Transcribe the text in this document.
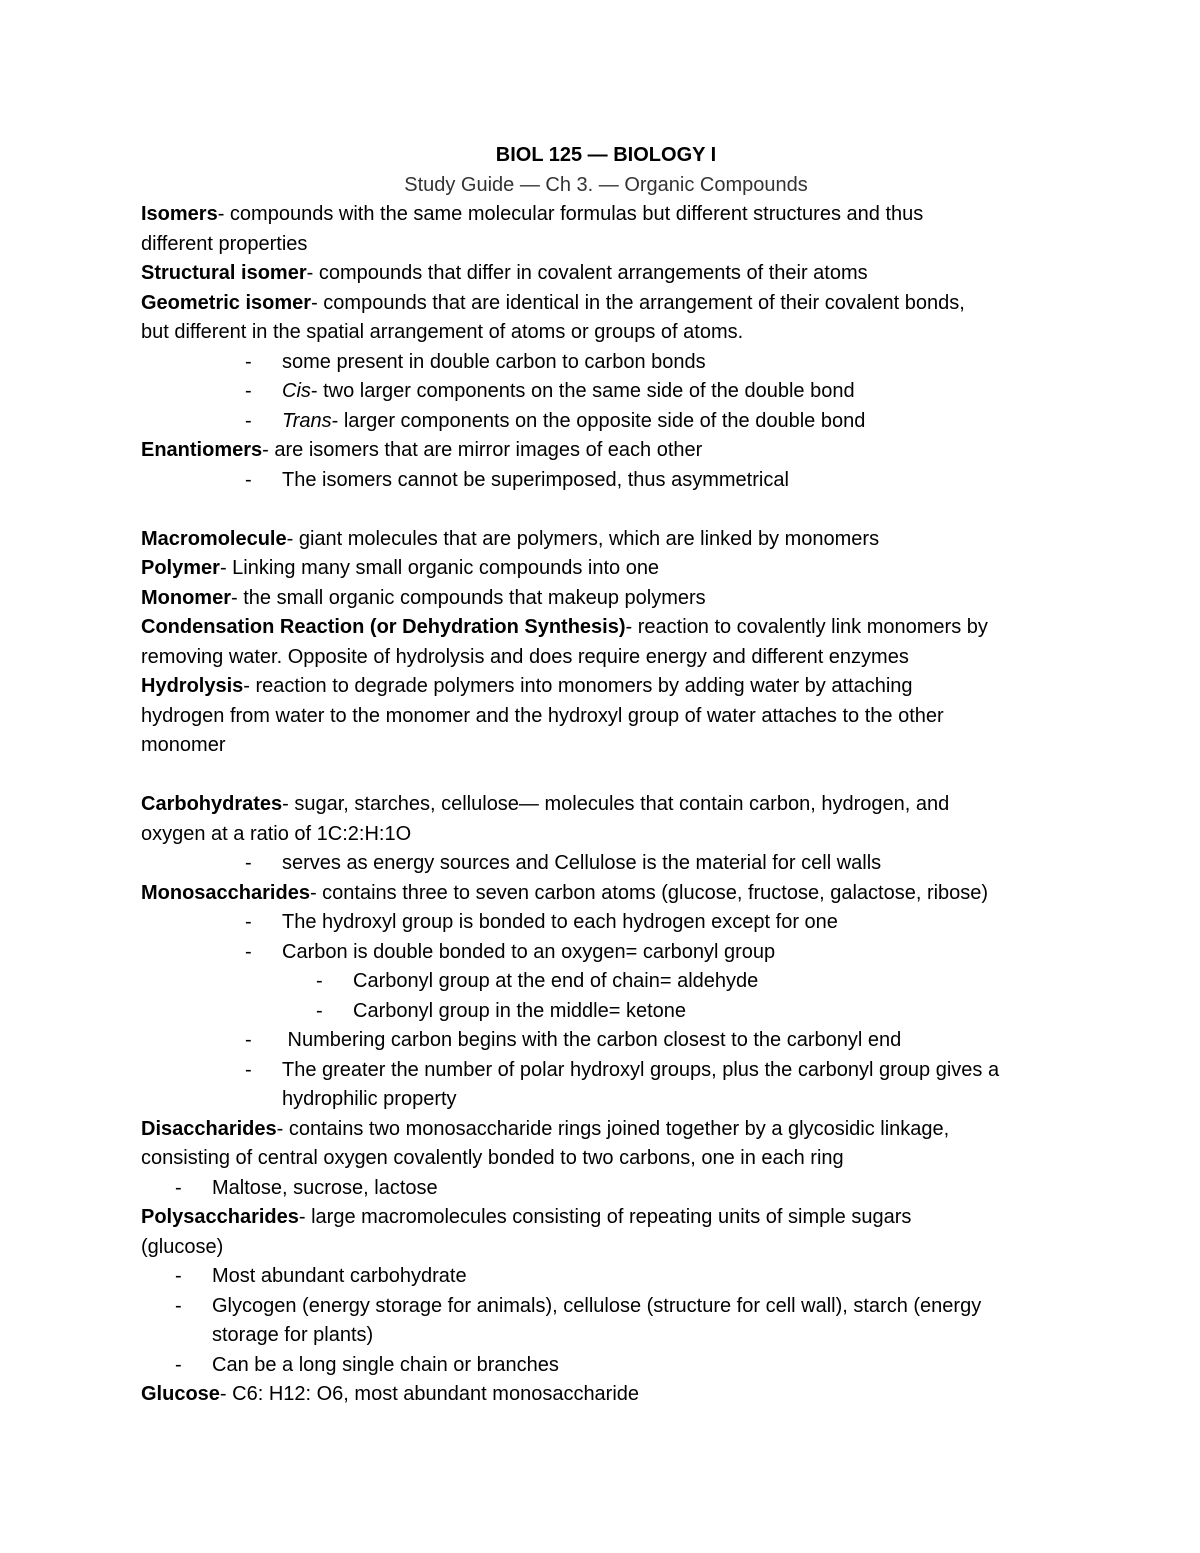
BIOL 125 — BIOLOGY I
Study Guide — Ch 3. — Organic Compounds
Isomers- compounds with the same molecular formulas but different structures and thus
different properties
Structural isomer- compounds that differ in covalent arrangements of their atoms
Geometric isomer- compounds that are identical in the arrangement of their covalent bonds,
but different in the spatial arrangement of atoms or groups of atoms.
- some present in double carbon to carbon bonds
- Cis- two larger components on the same side of the double bond
- Trans- larger components on the opposite side of the double bond
Enantiomers- are isomers that are mirror images of each other
- The isomers cannot be superimposed, thus asymmetrical
Macromolecule- giant molecules that are polymers, which are linked by monomers
Polymer- Linking many small organic compounds into one
Monomer- the small organic compounds that makeup polymers
Condensation Reaction (or Dehydration Synthesis)- reaction to covalently link monomers by
removing water. Opposite of hydrolysis and does require energy and different enzymes
Hydrolysis- reaction to degrade polymers into monomers by adding water by attaching
hydrogen from water to the monomer and the hydroxyl group of water attaches to the other
monomer
Carbohydrates- sugar, starches, cellulose— molecules that contain carbon, hydrogen, and
oxygen at a ratio of 1C:2:H:1O
- serves as energy sources and Cellulose is the material for cell walls
Monosaccharides- contains three to seven carbon atoms (glucose, fructose, galactose, ribose)
- The hydroxyl group is bonded to each hydrogen except for one
- Carbon is double bonded to an oxygen= carbonyl group
- Carbonyl group at the end of chain= aldehyde
- Carbonyl group in the middle= ketone
- Numbering carbon begins with the carbon closest to the carbonyl end
- The greater the number of polar hydroxyl groups, plus the carbonyl group gives a
hydrophilic property
Disaccharides- contains two monosaccharide rings joined together by a glycosidic linkage,
consisting of central oxygen covalently bonded to two carbons, one in each ring
- Maltose, sucrose, lactose
Polysaccharides- large macromolecules consisting of repeating units of simple sugars
(glucose)
- Most abundant carbohydrate
- Glycogen (energy storage for animals), cellulose (structure for cell wall), starch (energy
storage for plants)
- Can be a long single chain or branches
Glucose- C6: H12: O6, most abundant monosaccharide
